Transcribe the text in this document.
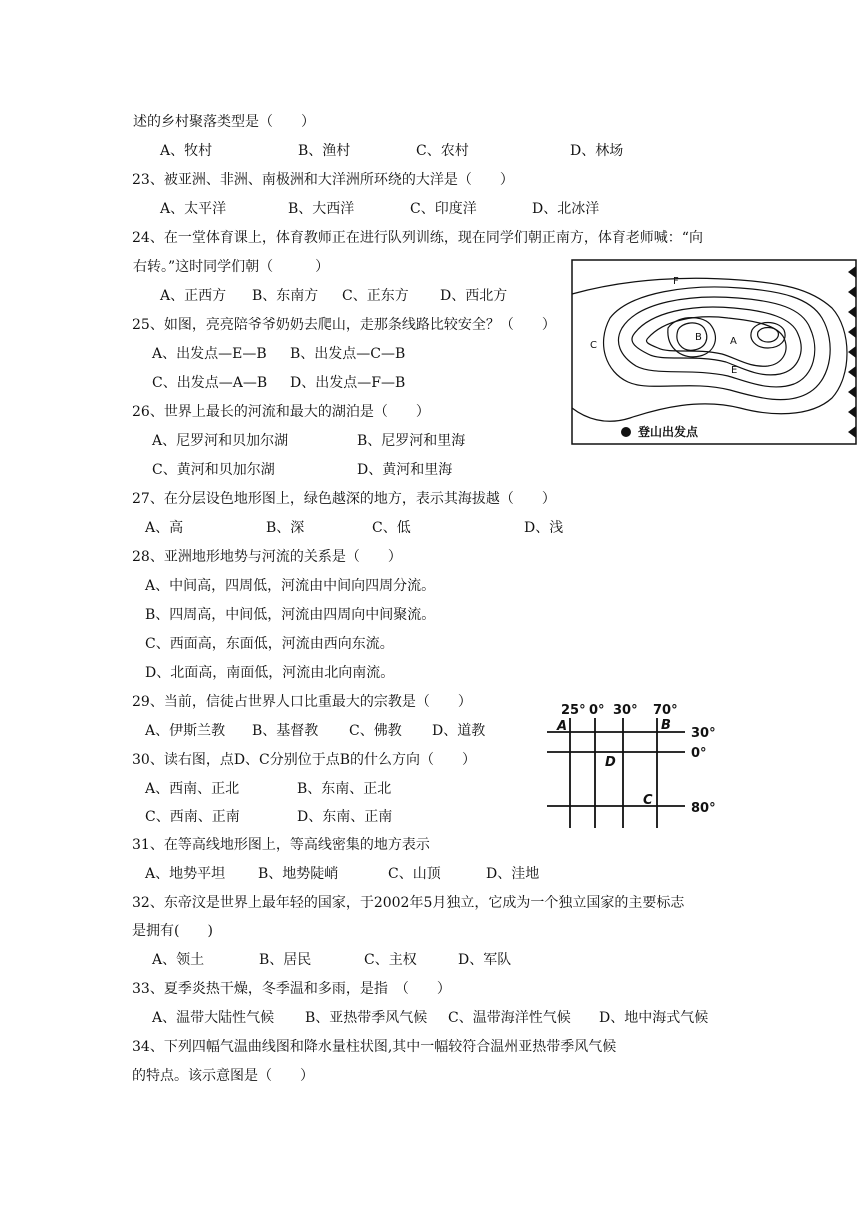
述的乡村聚落类型是（　　）
A、牧村	B、渔村	C、农村	D、林场
23、被亚洲、非洲、南极洲和大洋洲所环绕的大洋是（　　）
A、太平洋	B、大西洋	C、印度洋	D、北冰洋
24、在一堂体育课上，体育教师正在进行队列训练，现在同学们朝正南方，体育老师喊：“向
右转。”这时同学们朝（　　　）
A、正西方 B、东南方 C、正东方 D、西北方
25、如图，亮亮陪爷爷奶奶去爬山，走那条线路比较安全？（　　）
A、出发点—E—B B、出发点—C—B
C、出发点—A—B D、出发点—F—B
26、世界上最长的河流和最大的湖泊是（　　）
A、尼罗河和贝加尔湖	B、尼罗河和里海
C、黄河和贝加尔湖	D、黄河和里海
27、在分层设色地形图上，绿色越深的地方，表示其海拔越（　　）
A、高	B、深	C、低	D、浅
28、亚洲地形地势与河流的关系是（　　）
A、中间高，四周低，河流由中间向四周分流。
B、四周高，中间低，河流由四周向中间聚流。
C、西面高，东面低，河流由西向东流。
D、北面高，南面低，河流由北向南流。
29、当前，信徒占世界人口比重最大的宗教是（　　）
A、伊斯兰教 B、基督教 C、佛教 D、道教
30、读右图，点D、C分别位于点B的什么方向（　　）
A、西南、正北	B、东南、正北
C、西南、正南	D、东南、正南
31、在等高线地形图上，等高线密集的地方表示
A、地势平坦 B、地势陡峭	C、山顶	D、洼地
32、东帝汶是世界上最年轻的国家，于2002年5月独立，它成为一个独立国家的主要标志
是拥有(　　)
A、领土	B、居民	C、主权	D、军队
33、夏季炎热干燥，冬季温和多雨，是指　（　　）
A、温带大陆性气候 B、亚热带季风气候 C、温带海洋性气候 D、地中海式气候
34、下列四幅气温曲线图和降水量柱状图,其中一幅较符合温州亚热带季风气候
的特点。该示意图是（　　）
F
B	A
C
E
登山出发点
25° 0° 30° 70°
30°
0°
80°
A	B
D
C
